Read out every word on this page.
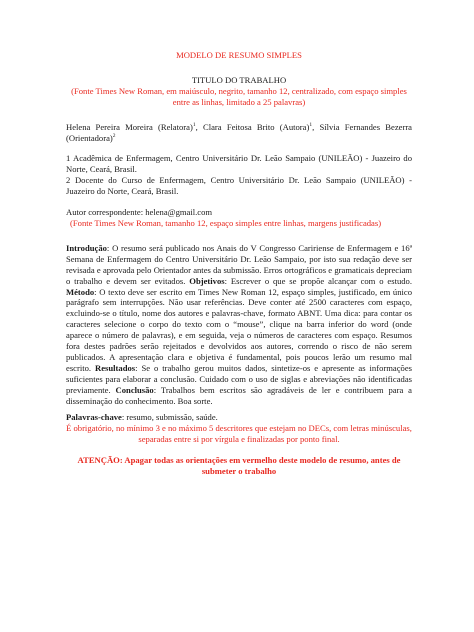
MODELO DE RESUMO SIMPLES

TITULO DO TRABALHO

(Fonte Times New Roman, em maiúsculo, negrito, tamanho 12, centralizado, com espaço simples entre as linhas, limitado a 25 palavras)

Helena Pereira Moreira (Relatora)$^1$, Clara Feitosa Brito (Autora)$^1$, Sílvia Fernandes Bezerra (Orientadora)$^2$

1 Acadêmica de Enfermagem, Centro Universitário Dr. Leão Sampaio (UNILEÃO) - Juazeiro do Norte, Ceará, Brasil.

2 Docente do Curso de Enfermagem, Centro Universitário Dr. Leão Sampaio (UNILEÃO) - Juazeiro do Norte, Ceará, Brasil.

Autor correspondente: helena@gmail.com

(Fonte Times New Roman, tamanho 12, espaço simples entre linhas, margens justificadas)

Introdução: O resumo será publicado nos Anais do V Congresso Caririense de Enfermagem e 16ª Semana de Enfermagem do Centro Universitário Dr. Leão Sampaio, por isto sua redação deve ser revisada e aprovada pelo Orientador antes da submissão. Erros ortográficos e gramaticais depreciam o trabalho e devem ser evitados. Objetivos: Escrever o que se propõe alcançar com o estudo. Método: O texto deve ser escrito em Times New Roman 12, espaço simples, justificado, em único parágrafo sem interrupções. Não usar referências. Deve conter até 2500 caracteres com espaço, excluindo-se o título, nome dos autores e palavras-chave, formato ABNT. Uma dica: para contar os caracteres selecione o corpo do texto com o “mouse”, clique na barra inferior do word (onde aparece o número de palavras), e em seguida, veja o números de caracteres com espaço. Resumos fora destes padrões serão rejeitados e devolvidos aos autores, correndo o risco de não serem publicados. A apresentação clara e objetiva é fundamental, pois poucos lerão um resumo mal escrito. Resultados: Se o trabalho gerou muitos dados, sintetize-os e apresente as informações suficientes para elaborar a conclusão. Cuidado com o uso de siglas e abreviações não identificadas previamente. Conclusão: Trabalhos bem escritos são agradáveis de ler e contribuem para a disseminação do conhecimento. Boa sorte.

Palavras-chave: resumo, submissão, saúde.

É obrigatório, no mínimo 3 e no máximo 5 descritores que estejam no DECs, com letras minúsculas, separadas entre si por vírgula e finalizadas por ponto final.

ATENÇÃO: Apagar todas as orientações em vermelho deste modelo de resumo, antes de submeter o trabalho
